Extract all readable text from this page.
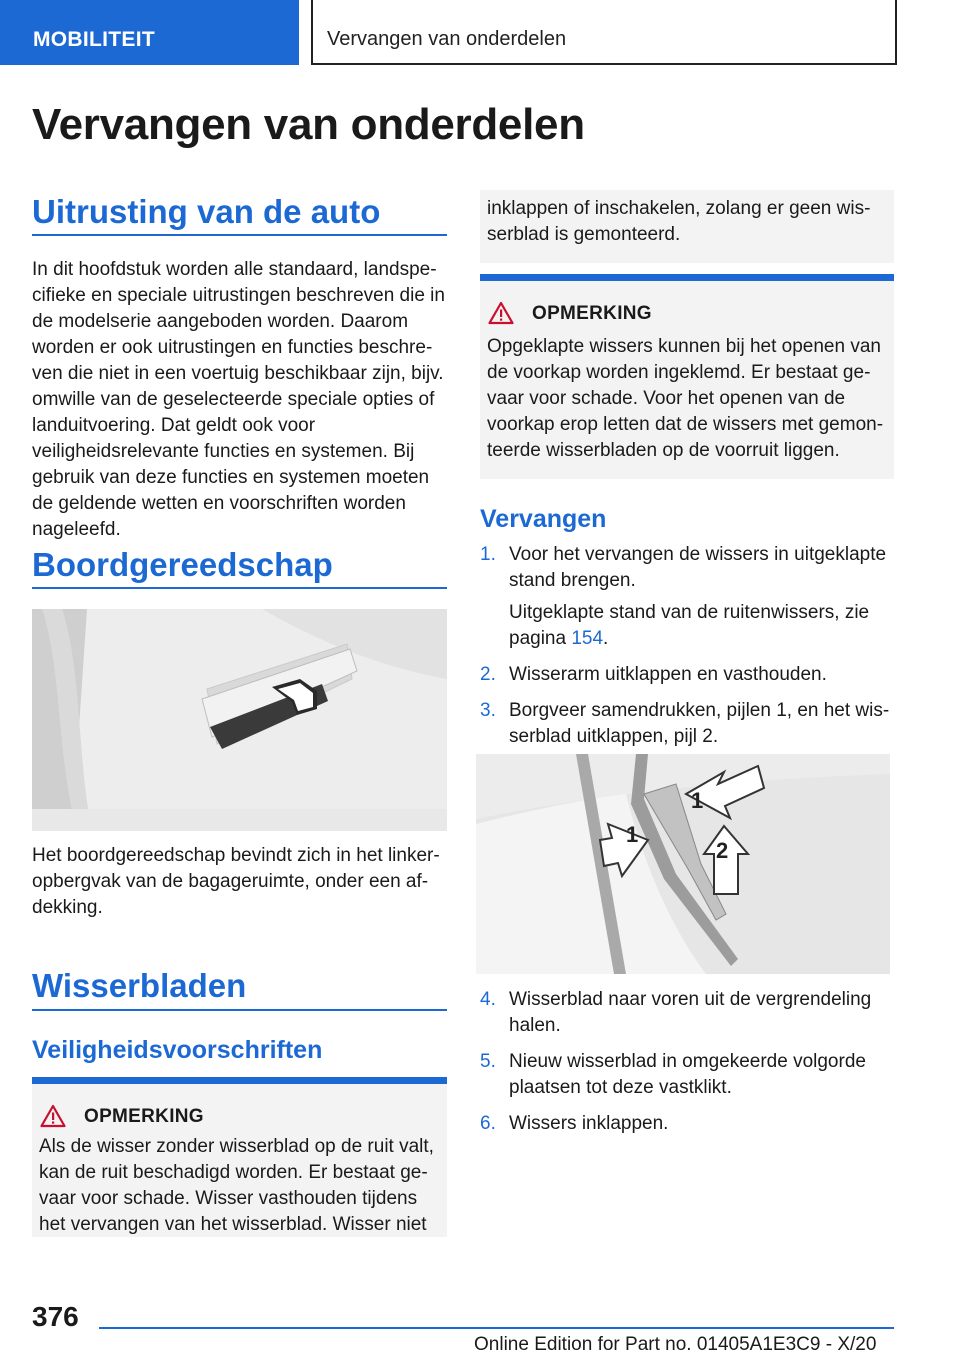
MOBILITEIT	Vervangen van onderdelen
Vervangen van onderdelen
Uitrusting van de auto

In dit hoofdstuk worden alle standaard, landspecifieke en speciale uitrustingen beschreven die in de modelserie aangeboden worden. Daarom worden er ook uitrustingen en functies beschreven die niet in een voertuig beschikbaar zijn, bijv. omwille van de geselecteerde speciale opties of landuitvoering. Dat geldt ook voor veiligheidsrelevante functies en systemen. Bij gebruik van deze functies en systemen moeten de geldende wetten en voorschriften worden nageleefd.

Boordgereedschap

Het boordgereedschap bevindt zich in het linkeropbergvak van de bagageruimte, onder een afdekking.

Wisserbladen
Veiligheidsvoorschriften
OPMERKING

Als de wisser zonder wisserblad op de ruit valt, kan de ruit beschadigd worden. Er bestaat gevaar voor schade. Wisser vasthouden tijdens het vervangen van het wisserblad. Wisser niet

inklappen of inschakelen, zolang er geen wisserblad is gemonteerd.

OPMERKING

Opgeklapte wissers kunnen bij het openen van de voorkap worden ingeklemd. Er bestaat gevaar voor schade. Voor het openen van de voorkap erop letten dat de wissers met gemonteerde wisserbladen op de voorruit liggen.

Vervangen
1. Voor het vervangen de wissers in uitgeklapte stand brengen.
Uitgeklapte stand van de ruitenwissers, zie pagina 154.
2. Wisserarm uitklappen en vasthouden.
3. Borgveer samendrukken, pijlen 1, en het wisserblad uitklappen, pijl 2.
1
1
2
4. Wisserblad naar voren uit de vergrendeling halen.
5. Nieuw wisserblad in omgekeerde volgorde plaatsen tot deze vastklikt.
6. Wissers inklappen.
376
Online Edition for Part no. 01405A1E3C9 - X/20
